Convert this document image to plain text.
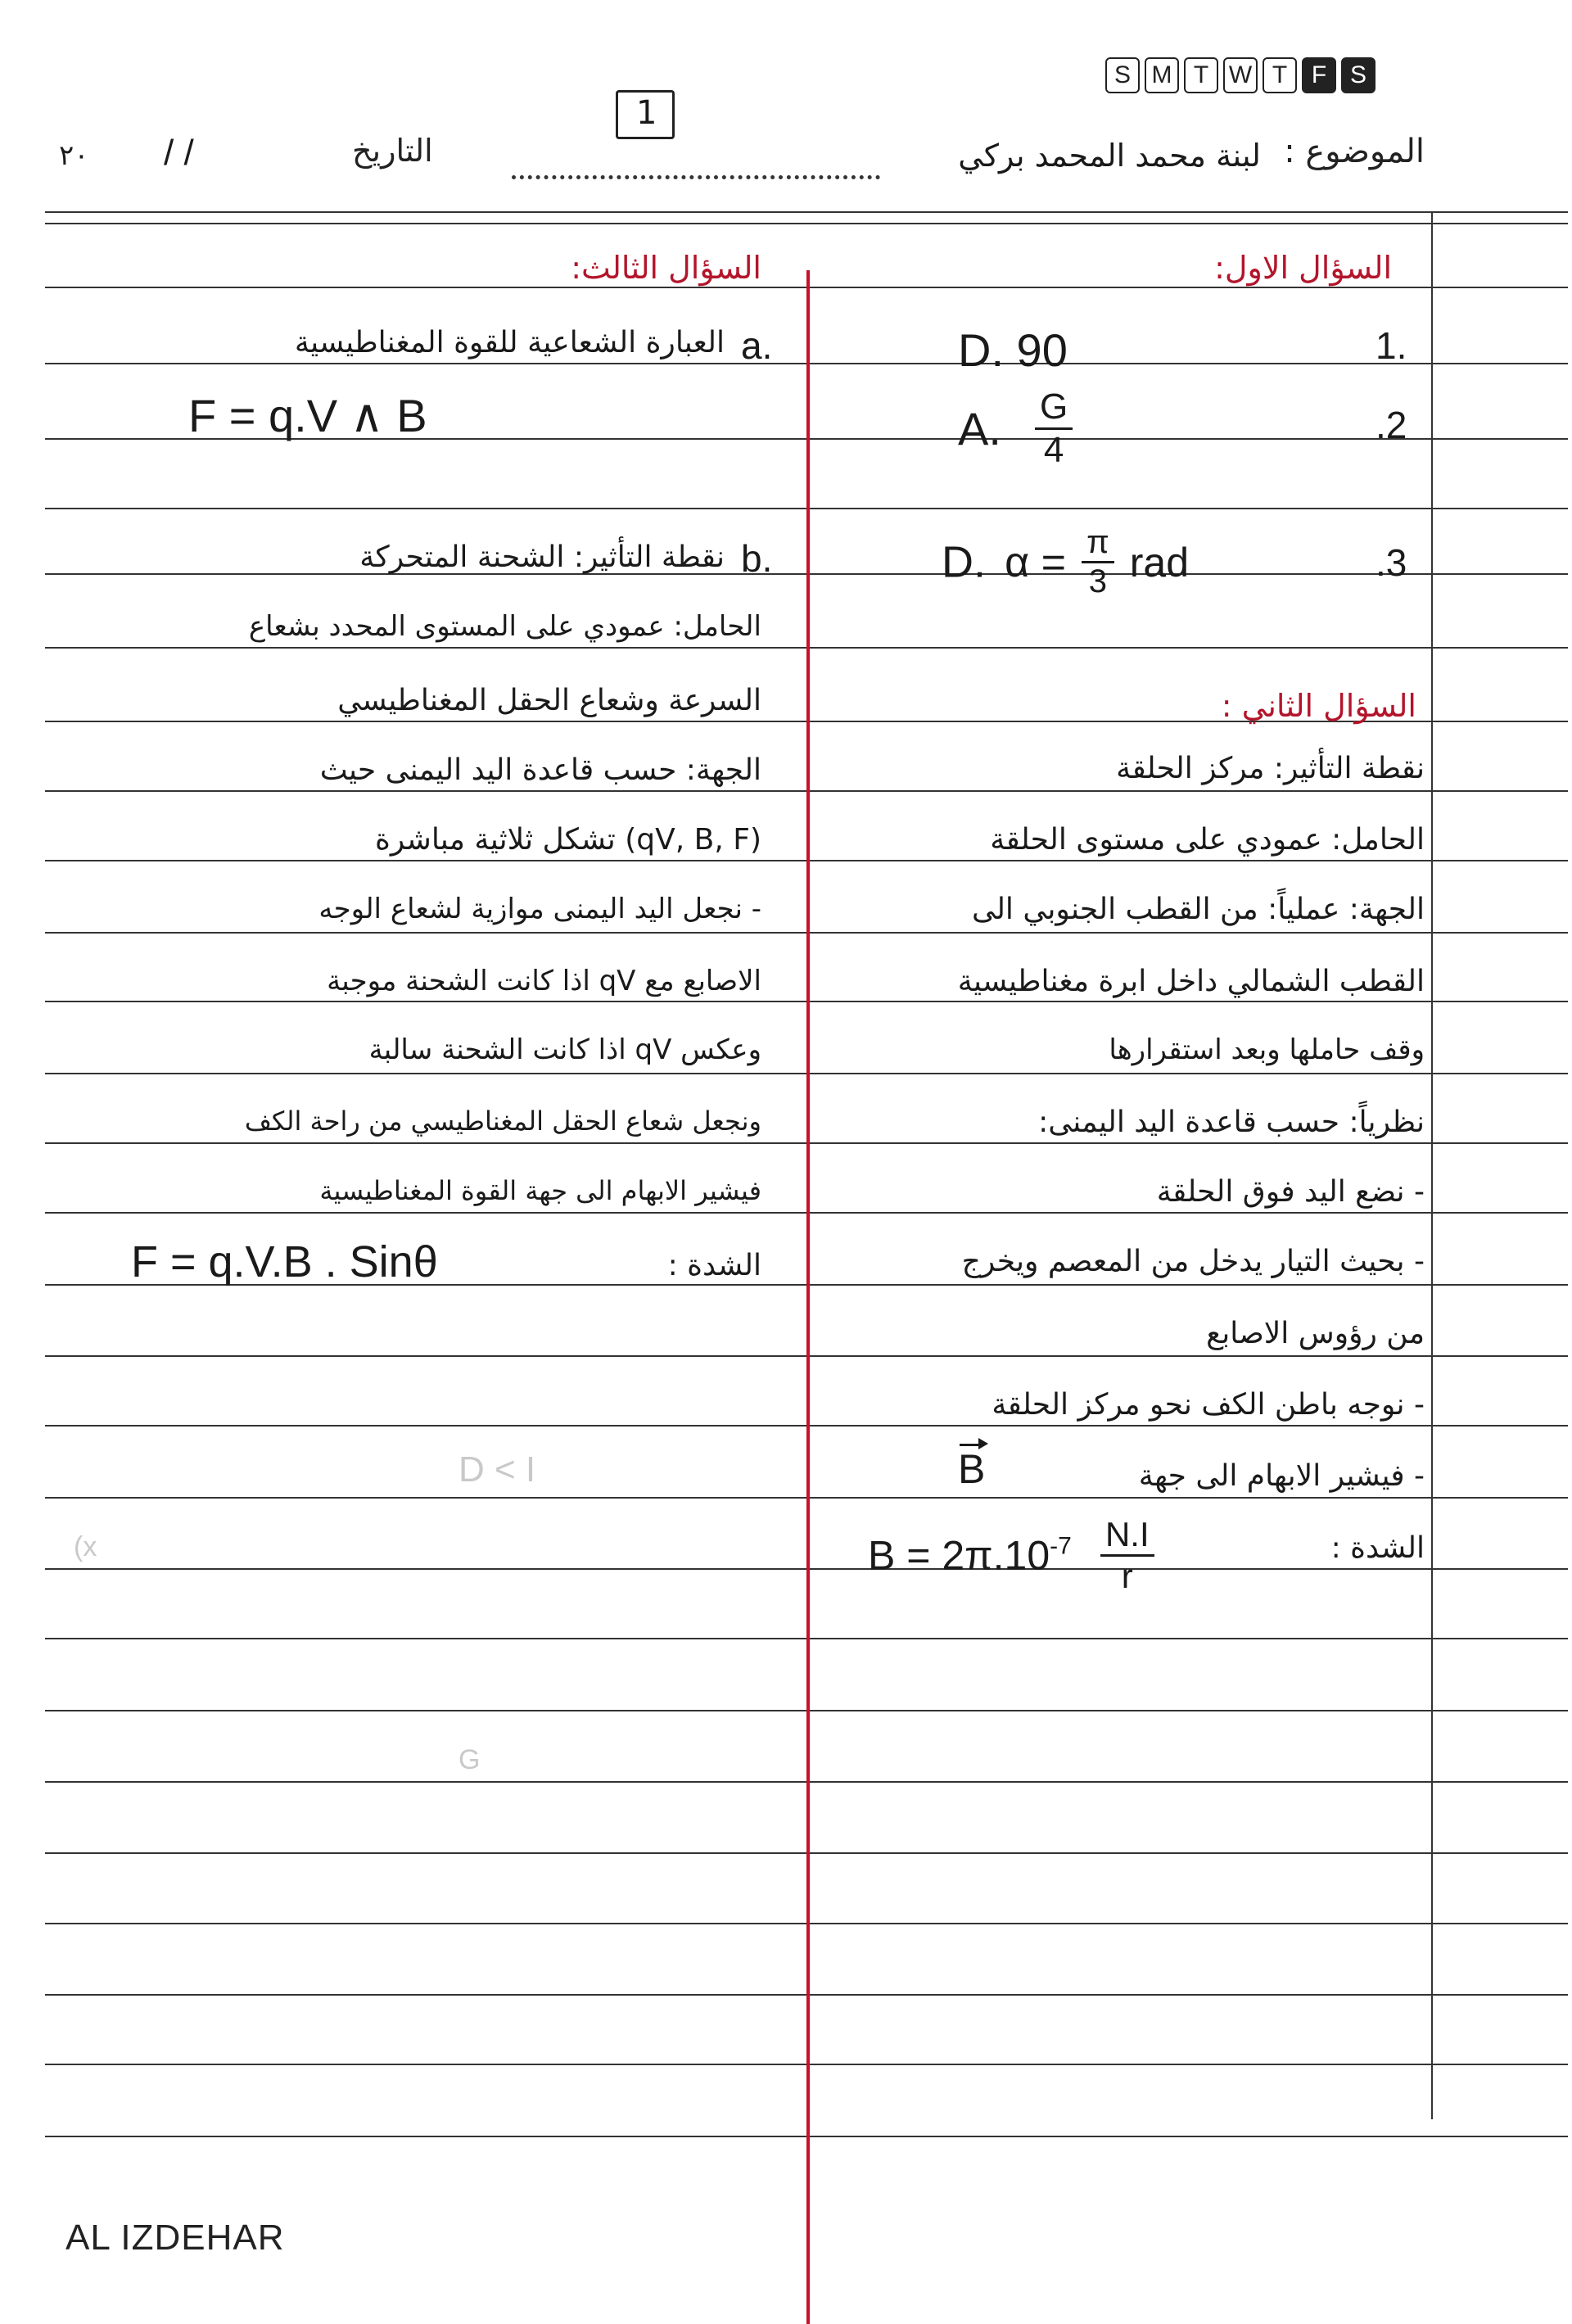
S M T W T F S
1
الموضوع :
لبنة محمد المحمد بركي
التاريخ
/ /
٢٠
D < I
(x
G
السؤال الاول:
1.
D. 90
.2
A. $\frac{G}{4}$
.3
D. $\alpha = \frac{\pi}{3}$ rad
السؤال الثاني :
نقطة التأثير: مركز الحلقة
الحامل: عمودي على مستوى الحلقة
الجهة: عملياً: من القطب الجنوبي الى
القطب الشمالي داخل ابرة مغناطيسية
وقف حاملها وبعد استقرارها
نظرياً: حسب قاعدة اليد اليمنى:
- نضع اليد فوق الحلقة
- بحيث التيار يدخل من المعصم ويخرج
من رؤوس الاصابع
- نوجه باطن الكف نحو مركز الحلقة
- فيشير الابهام الى جهة
B
الشدة :
$B = 2\pi.10^{-7} \frac{N.I}{r}$
السؤال الثالث:
a.
العبارة الشعاعية للقوة المغناطيسية
F = q.V ∧ B
b.
نقطة التأثير: الشحنة المتحركة
الحامل: عمودي على المستوى المحدد بشعاع
السرعة وشعاع الحقل المغناطيسي
الجهة: حسب قاعدة اليد اليمنى حيث
(qV, B, F) تشكل ثلاثية مباشرة
- نجعل اليد اليمنى موازية لشعاع الوجه
الاصابع مع qV اذا كانت الشحنة موجبة
وعكس qV اذا كانت الشحنة سالبة
ونجعل شعاع الحقل المغناطيسي من راحة الكف
فيشير الابهام الى جهة القوة المغناطيسية
الشدة :
F = q.V.B . Sinθ
AL IZDEHAR
